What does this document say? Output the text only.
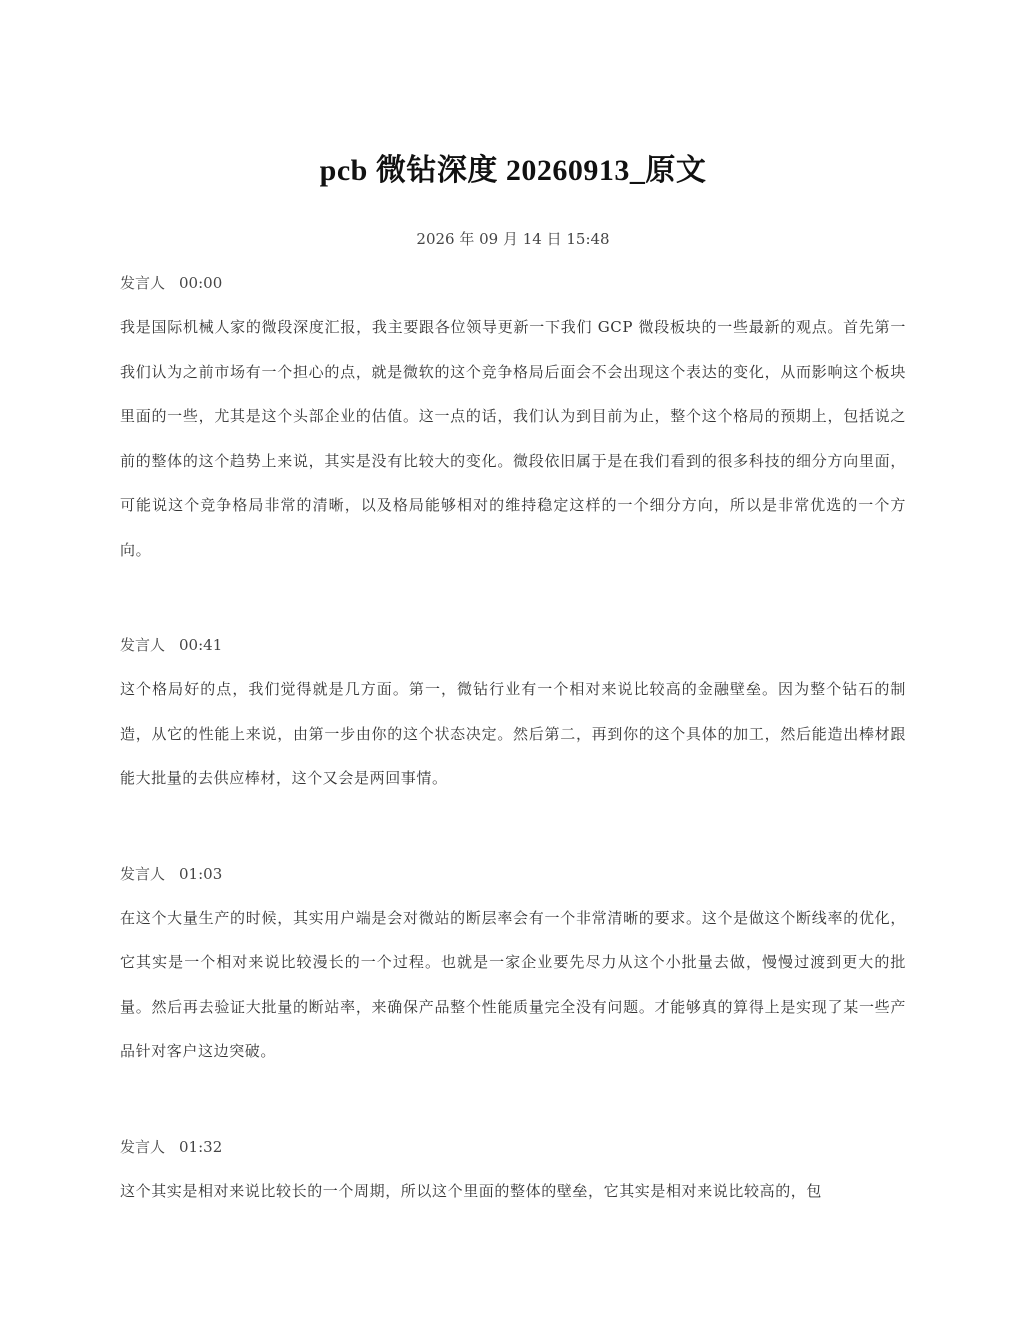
pcb 微钻深度 20260913_原文
2026 年 09 月 14 日 15:48
发言人 00:00
我是国际机械人家的微段深度汇报，我主要跟各位领导更新一下我们 GCP 微段板块的一些最新的观点。首先第一我们认为之前市场有一个担心的点，就是微软的这个竞争格局后面会不会出现这个表达的变化，从而影响这个板块里面的一些，尤其是这个头部企业的估值。这一点的话，我们认为到目前为止，整个这个格局的预期上，包括说之前的整体的这个趋势上来说，其实是没有比较大的变化。微段依旧属于是在我们看到的很多科技的细分方向里面，可能说这个竞争格局非常的清晰，以及格局能够相对的维持稳定这样的一个细分方向，所以是非常优选的一个方向。
发言人 00:41
这个格局好的点，我们觉得就是几方面。第一，微钻行业有一个相对来说比较高的金融壁垒。因为整个钻石的制造，从它的性能上来说，由第一步由你的这个状态决定。然后第二，再到你的这个具体的加工，然后能造出棒材跟能大批量的去供应棒材，这个又会是两回事情。
发言人 01:03
在这个大量生产的时候，其实用户端是会对微站的断层率会有一个非常清晰的要求。这个是做这个断线率的优化，它其实是一个相对来说比较漫长的一个过程。也就是一家企业要先尽力从这个小批量去做，慢慢过渡到更大的批量。然后再去验证大批量的断站率，来确保产品整个性能质量完全没有问题。才能够真的算得上是实现了某一些产品针对客户这边突破。
发言人 01:32
这个其实是相对来说比较长的一个周期，所以这个里面的整体的壁垒，它其实是相对来说比较高的，包
